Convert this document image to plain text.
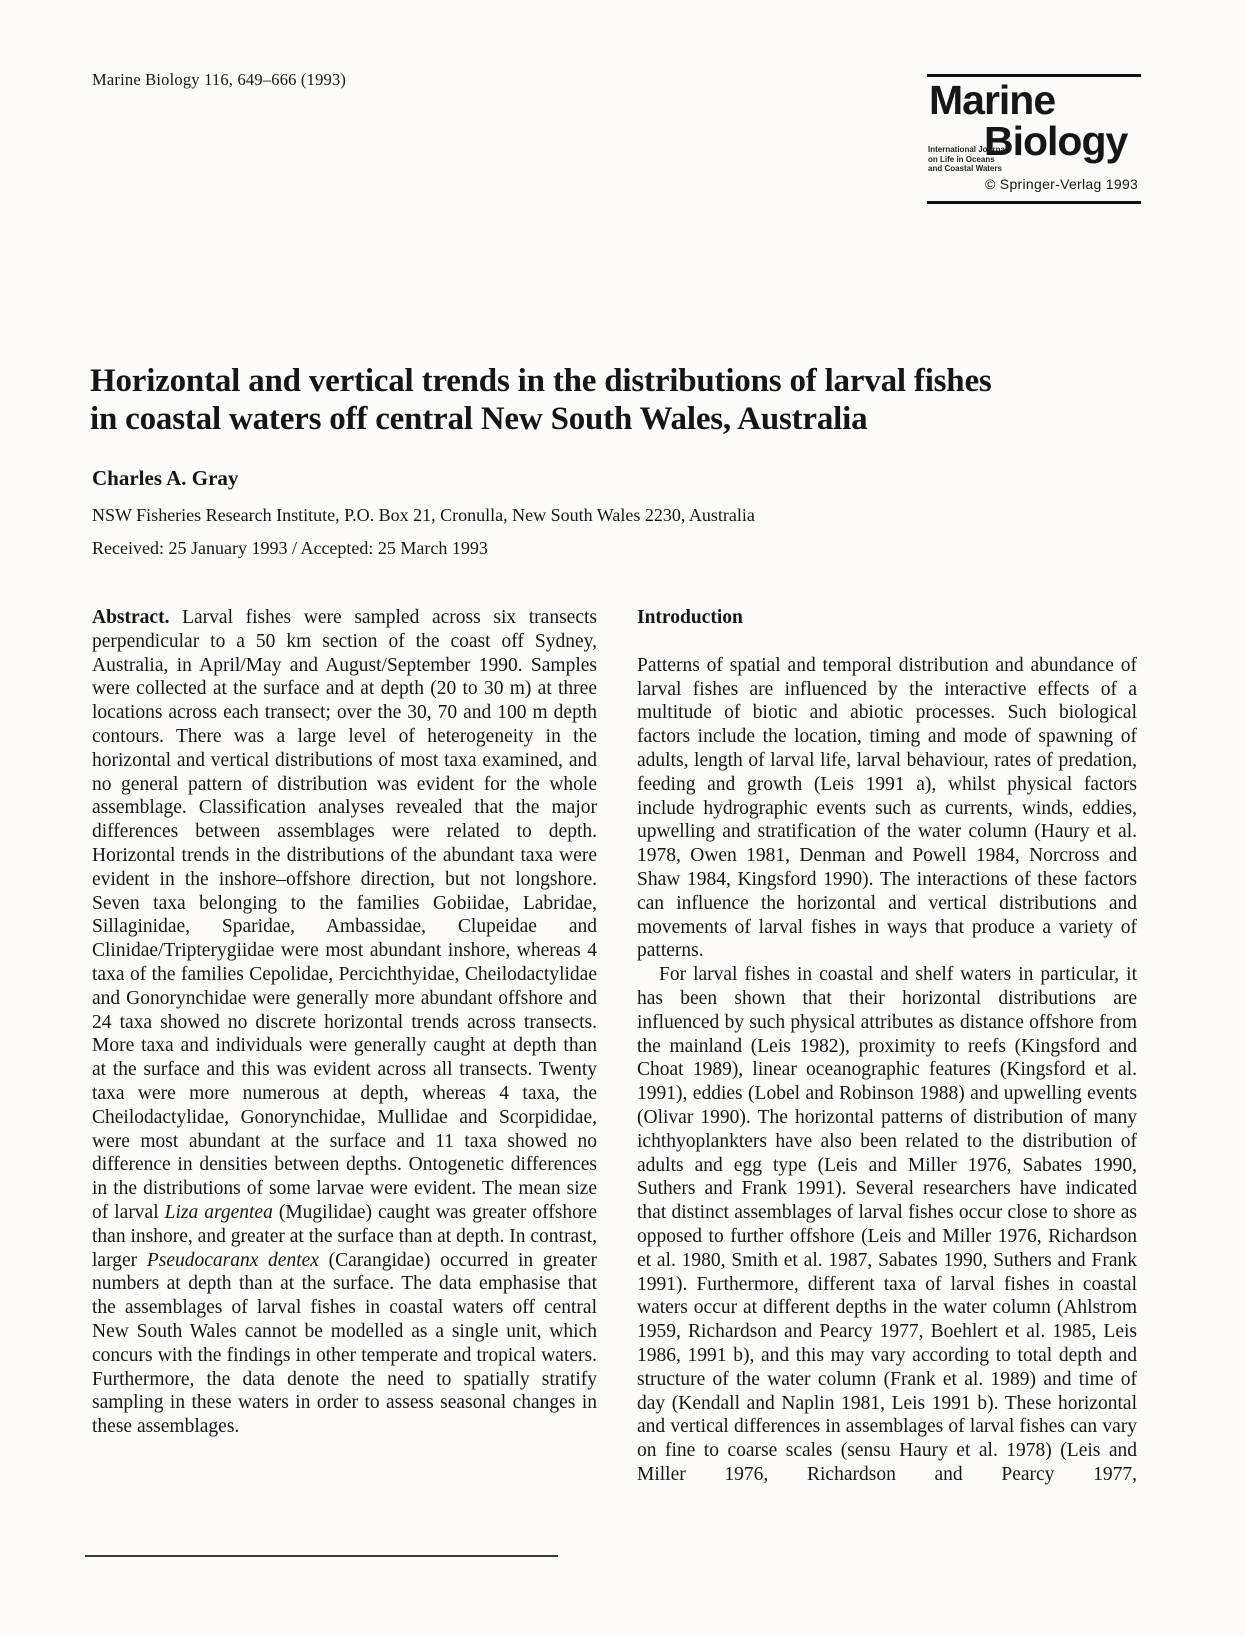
Marine Biology 116, 649–666 (1993)	Marine
Biology
International Journal
on Life in Oceans
and Coastal Waters
© Springer-Verlag 1993
Horizontal and vertical trends in the distributions of larval fishes
in coastal waters off central New South Wales, Australia
Charles A. Gray
NSW Fisheries Research Institute, P.O. Box 21, Cronulla, New South Wales 2230, Australia
Received: 25 January 1993 / Accepted: 25 March 1993

Abstract. Larval fishes were sampled across six transects perpendicular to a 50 km section of the coast off Sydney, Australia, in April/May and August/September 1990. Samples were collected at the surface and at depth (20 to 30 m) at three locations across each transect; over the 30, 70 and 100 m depth contours. There was a large level of heterogeneity in the horizontal and vertical distributions of most taxa examined, and no general pattern of distribution was evident for the whole assemblage. Classification analyses revealed that the major differences between assemblages were related to depth. Horizontal trends in the distributions of the abundant taxa were evident in the inshore–offshore direction, but not longshore. Seven taxa belonging to the families Gobiidae, Labridae, Sillaginidae, Sparidae, Ambassidae, Clupeidae and Clinidae/Tripterygiidae were most abundant inshore, whereas 4 taxa of the families Cepolidae, Percichthyidae, Cheilodactylidae and Gonorynchidae were generally more abundant offshore and 24 taxa showed no discrete horizontal trends across transects. More taxa and individuals were generally caught at depth than at the surface and this was evident across all transects. Twenty taxa were more numerous at depth, whereas 4 taxa, the Cheilodactylidae, Gonorynchidae, Mullidae and Scorpididae, were most abundant at the surface and 11 taxa showed no difference in densities between depths. Ontogenetic differences in the distributions of some larvae were evident. The mean size of larval Liza argentea (Mugilidae) caught was greater offshore than inshore, and greater at the surface than at depth. In contrast, larger Pseudocaranx dentex (Carangidae) occurred in greater numbers at depth than at the surface. The data emphasise that the assemblages of larval fishes in coastal waters off central New South Wales cannot be modelled as a single unit, which concurs with the findings in other temperate and tropical waters. Furthermore, the data denote the need to spatially stratify sampling in these waters in order to assess seasonal changes in these assemblages.

Introduction

Patterns of spatial and temporal distribution and abundance of larval fishes are influenced by the interactive effects of a multitude of biotic and abiotic processes. Such biological factors include the location, timing and mode of spawning of adults, length of larval life, larval behaviour, rates of predation, feeding and growth (Leis 1991 a), whilst physical factors include hydrographic events such as currents, winds, eddies, upwelling and stratification of the water column (Haury et al. 1978, Owen 1981, Denman and Powell 1984, Norcross and Shaw 1984, Kingsford 1990). The interactions of these factors can influence the horizontal and vertical distributions and movements of larval fishes in ways that produce a variety of patterns.

For larval fishes in coastal and shelf waters in particular, it has been shown that their horizontal distributions are influenced by such physical attributes as distance offshore from the mainland (Leis 1982), proximity to reefs (Kingsford and Choat 1989), linear oceanographic features (Kingsford et al. 1991), eddies (Lobel and Robinson 1988) and upwelling events (Olivar 1990). The horizontal patterns of distribution of many ichthyoplankters have also been related to the distribution of adults and egg type (Leis and Miller 1976, Sabates 1990, Suthers and Frank 1991). Several researchers have indicated that distinct assemblages of larval fishes occur close to shore as opposed to further offshore (Leis and Miller 1976, Richardson et al. 1980, Smith et al. 1987, Sabates 1990, Suthers and Frank 1991). Furthermore, different taxa of larval fishes in coastal waters occur at different depths in the water column (Ahlstrom 1959, Richardson and Pearcy 1977, Boehlert et al. 1985, Leis 1986, 1991 b), and this may vary according to total depth and structure of the water column (Frank et al. 1989) and time of day (Kendall and Naplin 1981, Leis 1991 b). These horizontal and vertical differences in assemblages of larval fishes can vary on fine to coarse scales (sensu Haury et al. 1978) (Leis and Miller 1976, Richardson and Pearcy 1977,
